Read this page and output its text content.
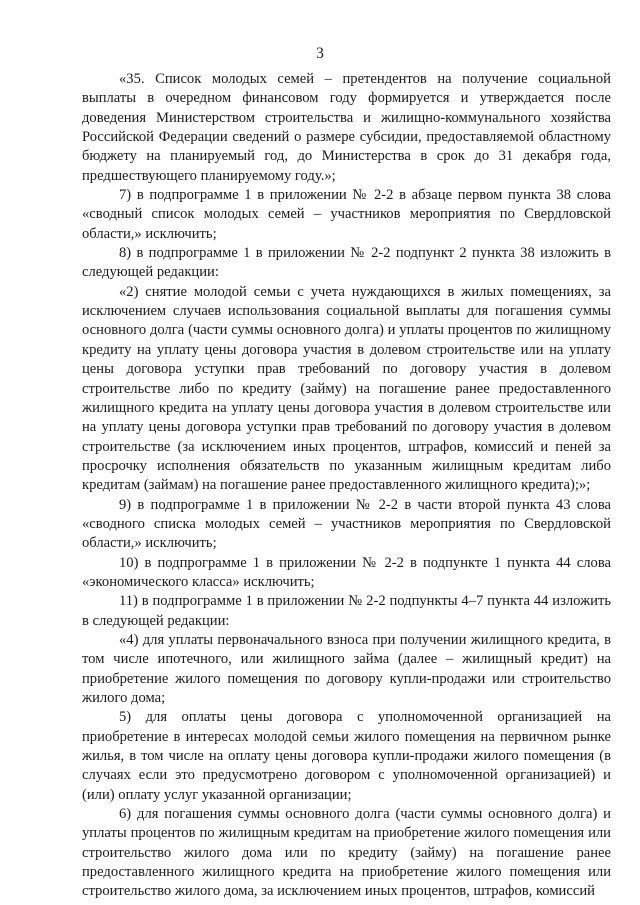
3

«35. Список молодых семей – претендентов на получение социальной выплаты в очередном финансовом году формируется и утверждается после доведения Министерством строительства и жилищно-коммунального хозяйства Российской Федерации сведений о размере субсидии, предоставляемой областному бюджету на планируемый год, до Министерства в срок до 31 декабря года, предшествующего планируемому году.»;

7) в подпрограмме 1 в приложении № 2-2 в абзаце первом пункта 38 слова «сводный список молодых семей – участников мероприятия по Свердловской области,» исключить;

8) в подпрограмме 1 в приложении № 2-2 подпункт 2 пункта 38 изложить в следующей редакции:

«2) снятие молодой семьи с учета нуждающихся в жилых помещениях, за исключением случаев использования социальной выплаты для погашения суммы основного долга (части суммы основного долга) и уплаты процентов по жилищному кредиту на уплату цены договора участия в долевом строительстве или на уплату цены договора уступки прав требований по договору участия в долевом строительстве либо по кредиту (займу) на погашение ранее предоставленного жилищного кредита на уплату цены договора участия в долевом строительстве или на уплату цены договора уступки прав требований по договору участия в долевом строительстве (за исключением иных процентов, штрафов, комиссий и пеней за просрочку исполнения обязательств по указанным жилищным кредитам либо кредитам (займам) на погашение ранее предоставленного жилищного кредита);»;

9) в подпрограмме 1 в приложении № 2-2 в части второй пункта 43 слова «сводного списка молодых семей – участников мероприятия по Свердловской области,» исключить;

10) в подпрограмме 1 в приложении № 2-2 в подпункте 1 пункта 44 слова «экономического класса» исключить;

11) в подпрограмме 1 в приложении № 2-2 подпункты 4–7 пункта 44 изложить в следующей редакции:

«4) для уплаты первоначального взноса при получении жилищного кредита, в том числе ипотечного, или жилищного займа (далее – жилищный кредит) на приобретение жилого помещения по договору купли-продажи или строительство жилого дома;

5) для оплаты цены договора с уполномоченной организацией на приобретение в интересах молодой семьи жилого помещения на первичном рынке жилья, в том числе на оплату цены договора купли-продажи жилого помещения (в случаях если это предусмотрено договором с уполномоченной организацией) и (или) оплату услуг указанной организации;

6) для погашения суммы основного долга (части суммы основного долга) и уплаты процентов по жилищным кредитам на приобретение жилого помещения или строительство жилого дома или по кредиту (займу) на погашение ранее предоставленного жилищного кредита на приобретение жилого помещения или строительство жилого дома, за исключением иных процентов, штрафов, комиссий
